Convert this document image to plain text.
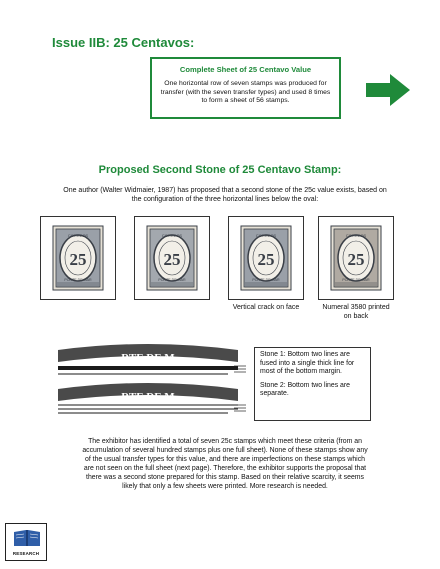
Issue IIB: 25 Centavos:
Complete Sheet of 25 Centavo Value
One horizontal row of seven stamps was produced for transfer (with the seven transfer types) and used 8 times to form a sheet of 56 stamps.
Proposed Second Stone of 25 Centavo Stamp:
One author (Walter Widmaier, 1987) has proposed that a second stone of the 25c value exists, based on the configuration of the three horizontal lines below the oval:
CORREOS
25
PORTE DE MAR
CORREOS
25
PORTE DE MAR
CORREOS
25
PORTE DE MAR
Vertical crack on face
CORREOS
25
PORTE DE MAR
Numeral 3580 printed on back
RTE DE M
RTE DE M

Stone 1: Bottom two lines are fused into a single thick line for most of the bottom margin.

Stone 2: Bottom two lines are separate.

The exhibitor has identified a total of seven 25c stamps which meet these criteria (from an accumulation of several hundred stamps plus one full sheet). None of these stamps show any of the usual transfer types for this value, and there are imperfections on these stamps which are not seen on the full sheet (next page). Therefore, the exhibitor supports the proposal that there was a second stone prepared for this stamp. Based on their relative scarcity, it seems likely that only a few sheets were printed. More research is needed.
RESEARCH
